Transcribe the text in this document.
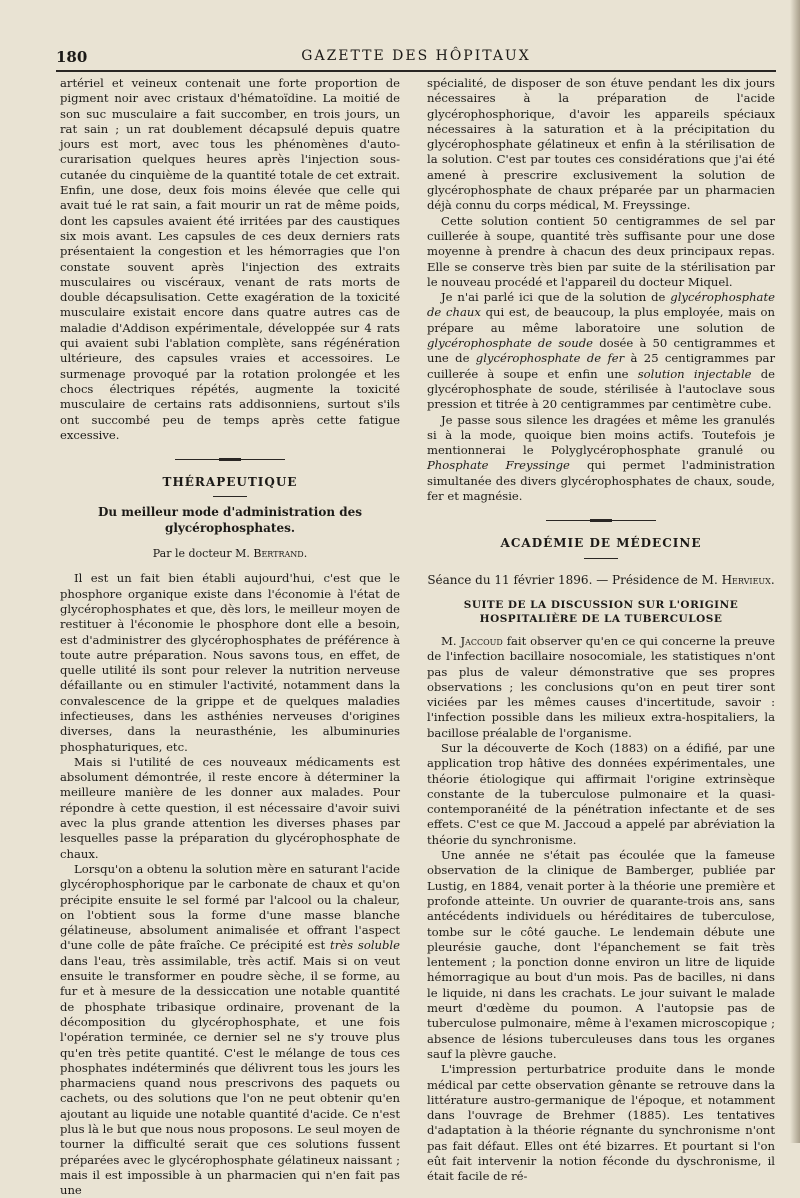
180	GAZETTE DES HÔPITAUX

artériel et veineux contenait une forte proportion de pigment noir avec cristaux d'hématoïdine. La moitié de son suc musculaire a fait succomber, en trois jours, un rat sain ; un rat doublement décapsulé depuis quatre jours est mort, avec tous les phénomènes d'auto-curarisation quelques heures après l'injection sous-cutanée du cinquième de la quantité totale de cet extrait. Enfin, une dose, deux fois moins élevée que celle qui avait tué le rat sain, a fait mourir un rat de même poids, dont les capsules avaient été irritées par des caustiques six mois avant. Les capsules de ces deux derniers rats présentaient la congestion et les hémorragies que l'on constate souvent après l'injection des extraits musculaires ou viscéraux, venant de rats morts de double décapsulisation. Cette exagération de la toxicité musculaire existait encore dans quatre autres cas de maladie d'Addison expérimentale, développée sur 4 rats qui avaient subi l'ablation complète, sans régénération ultérieure, des capsules vraies et accessoires. Le surmenage provoqué par la rotation prolongée et les chocs électriques répétés, augmente la toxicité musculaire de certains rats addisonniens, surtout s'ils ont succombé peu de temps après cette fatigue excessive.

THÉRAPEUTIQUE
Du meilleur mode d'administration des glycérophosphates.
Par le docteur M. Bertrand.

Il est un fait bien établi aujourd'hui, c'est que le phosphore organique existe dans l'économie à l'état de glycérophosphates et que, dès lors, le meilleur moyen de restituer à l'économie le phosphore dont elle a besoin, est d'administrer des glycérophosphates de préférence à toute autre préparation. Nous savons tous, en effet, de quelle utilité ils sont pour relever la nutrition nerveuse défaillante ou en stimuler l'activité, notamment dans la convalescence de la grippe et de quelques maladies infectieuses, dans les asthénies nerveuses d'origines diverses, dans la neurasthénie, les albuminuries phosphaturiques, etc.

Mais si l'utilité de ces nouveaux médicaments est absolument démontrée, il reste encore à déterminer la meilleure manière de les donner aux malades. Pour répondre à cette question, il est nécessaire d'avoir suivi avec la plus grande attention les diverses phases par lesquelles passe la préparation du glycérophosphate de chaux.

Lorsqu'on a obtenu la solution mère en saturant l'acide glycérophosphorique par le carbonate de chaux et qu'on précipite ensuite le sel formé par l'alcool ou la chaleur, on l'obtient sous la forme d'une masse blanche gélatineuse, absolument animalisée et offrant l'aspect d'une colle de pâte fraîche. Ce précipité est très soluble dans l'eau, très assimilable, très actif. Mais si on veut ensuite le transformer en poudre sèche, il se forme, au fur et à mesure de la dessiccation une notable quantité de phosphate tribasique ordinaire, provenant de la décomposition du glycérophosphate, et une fois l'opération terminée, ce dernier sel ne s'y trouve plus qu'en très petite quantité. C'est le mélange de tous ces phosphates indéterminés que délivrent tous les jours les pharmaciens quand nous prescrivons des paquets ou cachets, ou des solutions que l'on ne peut obtenir qu'en ajoutant au liquide une notable quantité d'acide. Ce n'est plus là le but que nous nous proposons. Le seul moyen de tourner la difficulté serait que ces solutions fussent préparées avec le glycérophosphate gélatineux naissant ; mais il est impossible à un pharmacien qui n'en fait pas une

spécialité, de disposer de son étuve pendant les dix jours nécessaires à la préparation de l'acide glycérophosphorique, d'avoir les appareils spéciaux nécessaires à la saturation et à la précipitation du glycérophosphate gélatineux et enfin à la stérilisation de la solution. C'est par toutes ces considérations que j'ai été amené à prescrire exclusivement la solution de glycérophosphate de chaux préparée par un pharmacien déjà connu du corps médical, M. Freyssinge.

Cette solution contient 50 centigrammes de sel par cuillerée à soupe, quantité très suffisante pour une dose moyenne à prendre à chacun des deux principaux repas. Elle se conserve très bien par suite de la stérilisation par le nouveau procédé et l'appareil du docteur Miquel.

Je n'ai parlé ici que de la solution de glycérophosphate de chaux qui est, de beaucoup, la plus employée, mais on prépare au même laboratoire une solution de glycérophosphate de soude dosée à 50 centigrammes et une de glycérophosphate de fer à 25 centigrammes par cuillerée à soupe et enfin une solution injectable de glycérophosphate de soude, stérilisée à l'autoclave sous pression et titrée à 20 centigrammes par centimètre cube.

Je passe sous silence les dragées et même les granulés si à la mode, quoique bien moins actifs. Toutefois je mentionnerai le Polyglycérophosphate granulé ou Phosphate Freyssinge qui permet l'administration simultanée des divers glycérophosphates de chaux, soude, fer et magnésie.

ACADÉMIE DE MÉDECINE
Séance du 11 février 1896. — Présidence de M. Hervieux.
SUITE DE LA DISCUSSION SUR L'ORIGINE HOSPITALIÈRE DE LA TUBERCULOSE

M. Jaccoud fait observer qu'en ce qui concerne la preuve de l'infection bacillaire nosocomiale, les statistiques n'ont pas plus de valeur démonstrative que ses propres observations ; les conclusions qu'on en peut tirer sont viciées par les mêmes causes d'incertitude, savoir : l'infection possible dans les milieux extra-hospitaliers, la bacillose préalable de l'organisme.

Sur la découverte de Koch (1883) on a édifié, par une application trop hâtive des données expérimentales, une théorie étiologique qui affirmait l'origine extrinsèque constante de la tuberculose pulmonaire et la quasi-contemporanéité de la pénétration infectante et de ses effets. C'est ce que M. Jaccoud a appelé par abréviation la théorie du synchronisme.

Une année ne s'était pas écoulée que la fameuse observation de la clinique de Bamberger, publiée par Lustig, en 1884, venait porter à la théorie une première et profonde atteinte. Un ouvrier de quarante-trois ans, sans antécédents individuels ou héréditaires de tuberculose, tombe sur le côté gauche. Le lendemain débute une pleurésie gauche, dont l'épanchement se fait très lentement ; la ponction donne environ un litre de liquide hémorragique au bout d'un mois. Pas de bacilles, ni dans le liquide, ni dans les crachats. Le jour suivant le malade meurt d'œdème du poumon. A l'autopsie pas de tuberculose pulmonaire, même à l'examen microscopique ; absence de lésions tuberculeuses dans tous les organes sauf la plèvre gauche.

L'impression perturbatrice produite dans le monde médical par cette observation gênante se retrouve dans la littérature austro-germanique de l'époque, et notamment dans l'ouvrage de Brehmer (1885). Les tentatives d'adaptation à la théorie régnante du synchronisme n'ont pas fait défaut. Elles ont été bizarres. Et pourtant si l'on eût fait intervenir la notion féconde du dyschronisme, il était facile de ré-
